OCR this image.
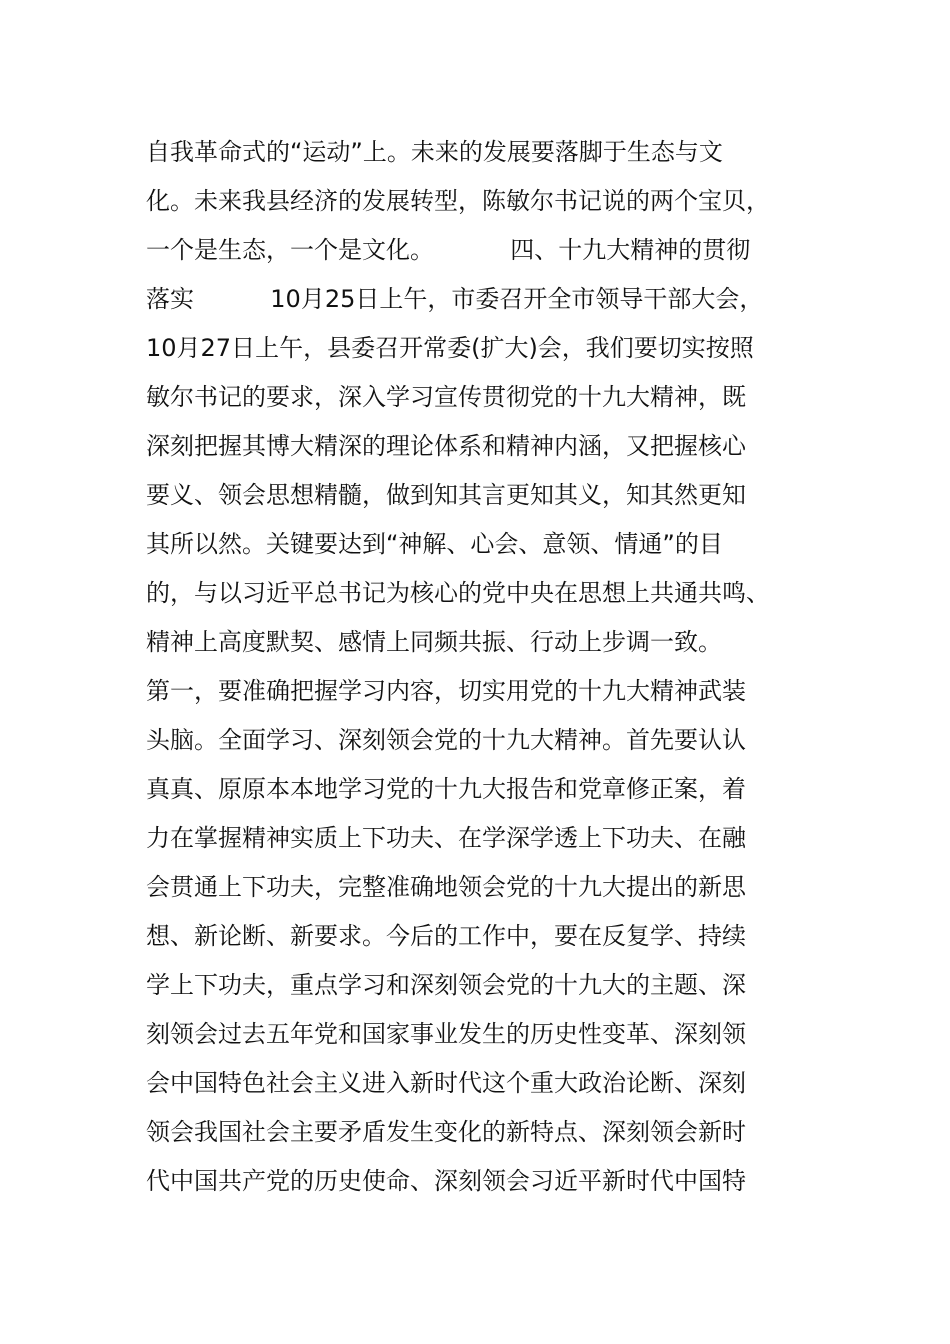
自我革命式的“运动”上。未来的发展要落脚于生态与文
化。未来我县经济的发展转型，陈敏尔书记说的两个宝贝，
一个是生态，一个是文化。          四、十九大精神的贯彻
落实          10月25日上午，市委召开全市领导干部大会，
10月27日上午，县委召开常委(扩大)会，我们要切实按照
敏尔书记的要求，深入学习宣传贯彻党的十九大精神，既
深刻把握其博大精深的理论体系和精神内涵，又把握核心
要义、领会思想精髓，做到知其言更知其义，知其然更知
其所以然。关键要达到“神解、心会、意领、情通”的目
的，与以习近平总书记为核心的党中央在思想上共通共鸣、
精神上高度默契、感情上同频共振、行动上步调一致。
第一，要准确把握学习内容，切实用党的十九大精神武装
头脑。全面学习、深刻领会党的十九大精神。首先要认认
真真、原原本本地学习党的十九大报告和党章修正案，着
力在掌握精神实质上下功夫、在学深学透上下功夫、在融
会贯通上下功夫，完整准确地领会党的十九大提出的新思
想、新论断、新要求。今后的工作中，要在反复学、持续
学上下功夫，重点学习和深刻领会党的十九大的主题、深
刻领会过去五年党和国家事业发生的历史性变革、深刻领
会中国特色社会主义进入新时代这个重大政治论断、深刻
领会我国社会主要矛盾发生变化的新特点、深刻领会新时
代中国共产党的历史使命、深刻领会习近平新时代中国特
